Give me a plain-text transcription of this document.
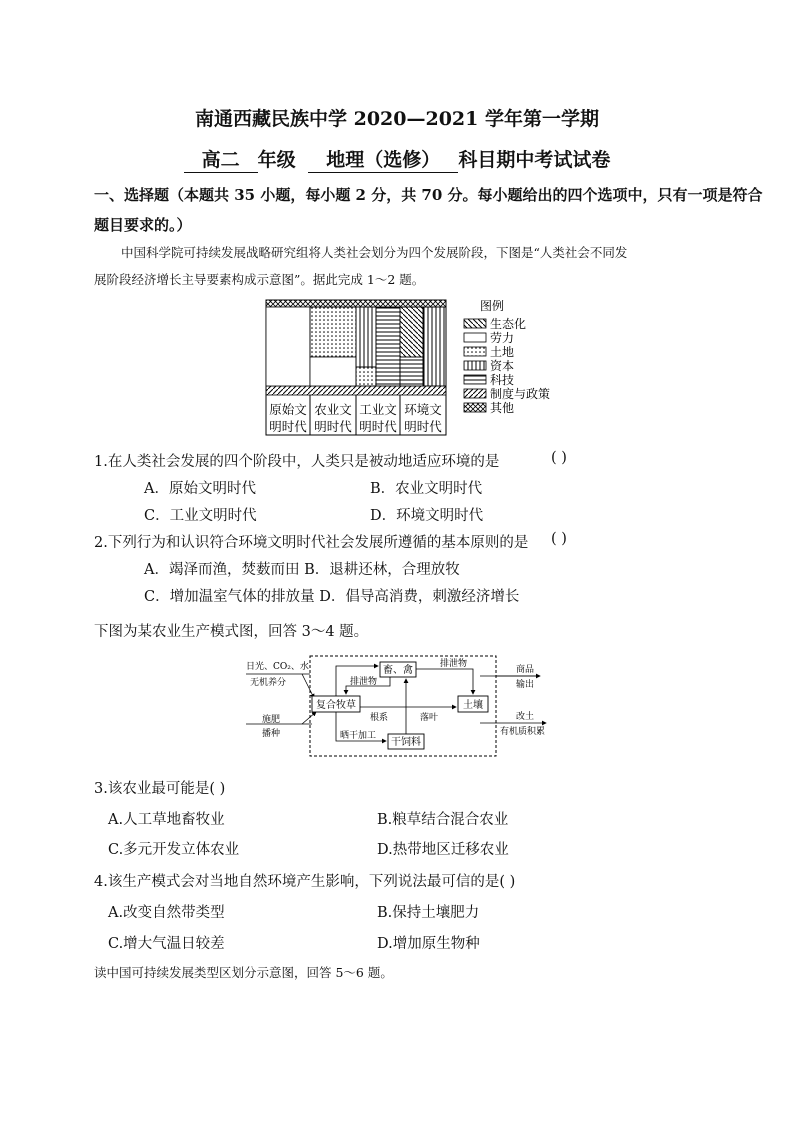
南通西藏民族中学 2020—2021 学年第一学期
高二 年级 地理（选修） 科目期中考试试卷
一、选择题（本题共 35 小题，每小题 2 分，共 70 分。每小题给出的四个选项中，只有一项是符合
题目要求的。）
中国科学院可持续发展战略研究组将人类社会划分为四个发展阶段，下图是“人类社会不同发
展阶段经济增长主导要素构成示意图”。据此完成 1～2 题。
原始文
明时代
农业文
明时代
工业文
明时代
环境文
明时代
图例
生态化
劳力
土地
资本
科技
制度与政策
其他
1.在人类社会发展的四个阶段中，人类只是被动地适应环境的是	( )
A．原始文明时代	B．农业文明时代
C．工业文明时代	D．环境文明时代
2.下列行为和认识符合环境文明时代社会发展所遵循的基本原则的是 ( )
A．竭泽而渔，焚薮而田 B．退耕还林，合理放牧
C．增加温室气体的排放量 D．倡导高消费，刺激经济增长
下图为某农业生产模式图，回答 3～4 题。
日光、CO₂、水
无机养分
施肥
播种
复合牧草
畜、禽
土壤
干饲料
排泄物
排泄物
根系	落叶
晒干加工
商品
输出
改土
有机质积累
3.该农业最可能是( )
A.人工草地畜牧业	B.粮草结合混合农业
C.多元开发立体农业	D.热带地区迁移农业
4.该生产模式会对当地自然环境产生影响，下列说法最可信的是( )
A.改变自然带类型	B.保持土壤肥力
C.增大气温日较差	D.增加原生物种
读中国可持续发展类型区划分示意图，回答 5～6 题。
